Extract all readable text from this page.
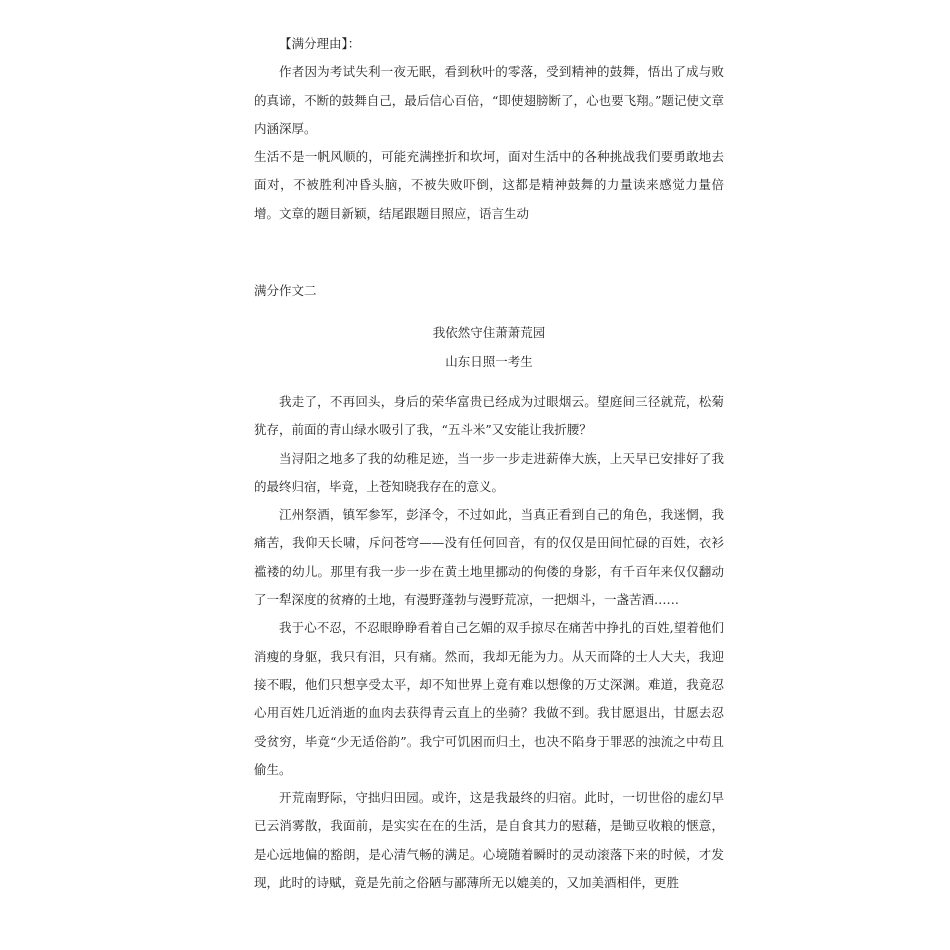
【满分理由】：

作者因为考试失利一夜无眠，看到秋叶的零落，受到精神的鼓舞，悟出了成与败的真谛，不断的鼓舞自己，最后信心百倍，“即使翅膀断了，心也要飞翔。”题记使文章内涵深厚。

生活不是一帆风顺的，可能充满挫折和坎坷，面对生活中的各种挑战我们要勇敢地去面对，不被胜利冲昏头脑，不被失败吓倒，这都是精神鼓舞的力量读来感觉力量倍增。文章的题目新颖，结尾跟题目照应，语言生动

满分作文二

我依然守住萧萧荒园

山东日照一考生

我走了，不再回头，身后的荣华富贵已经成为过眼烟云。望庭间三径就荒，松菊犹存，前面的青山绿水吸引了我，“五斗米”又安能让我折腰？

当浔阳之地多了我的幼稚足迹，当一步一步走进薪俸大族，上天早已安排好了我的最终归宿，毕竟，上苍知晓我存在的意义。

江州祭酒，镇军参军，彭泽令，不过如此，当真正看到自己的角色，我迷惘，我痛苦，我仰天长啸，斥问苍穹——没有任何回音，有的仅仅是田间忙碌的百姓，衣衫褴褛的幼儿。那里有我一步一步在黄土地里挪动的佝偻的身影，有千百年来仅仅翻动了一犁深度的贫瘠的土地，有漫野蓬勃与漫野荒凉，一把烟斗，一盏苦酒……

我于心不忍，不忍眼睁睁看着自己乞媚的双手掠尽在痛苦中挣扎的百姓,望着他们消瘦的身躯，我只有泪，只有痛。然而，我却无能为力。从天而降的士人大夫，我迎接不暇，他们只想享受太平，却不知世界上竟有难以想像的万丈深渊。难道，我竟忍心用百姓几近消逝的血肉去获得青云直上的坐骑？我做不到。我甘愿退出，甘愿去忍受贫穷，毕竟“少无适俗韵”。我宁可饥困而归土，也决不陷身于罪恶的浊流之中苟且偷生。

开荒南野际，守拙归田园。或许，这是我最终的归宿。此时，一切世俗的虚幻早已云消雾散，我面前，是实实在在的生活，是自食其力的慰藉，是锄豆收粮的惬意，是心远地偏的豁朗，是心清气畅的满足。心境随着瞬时的灵动滚落下来的时候，才发现，此时的诗赋，竟是先前之俗陋与鄙薄所无以媲美的，又加美酒相伴，更胜
